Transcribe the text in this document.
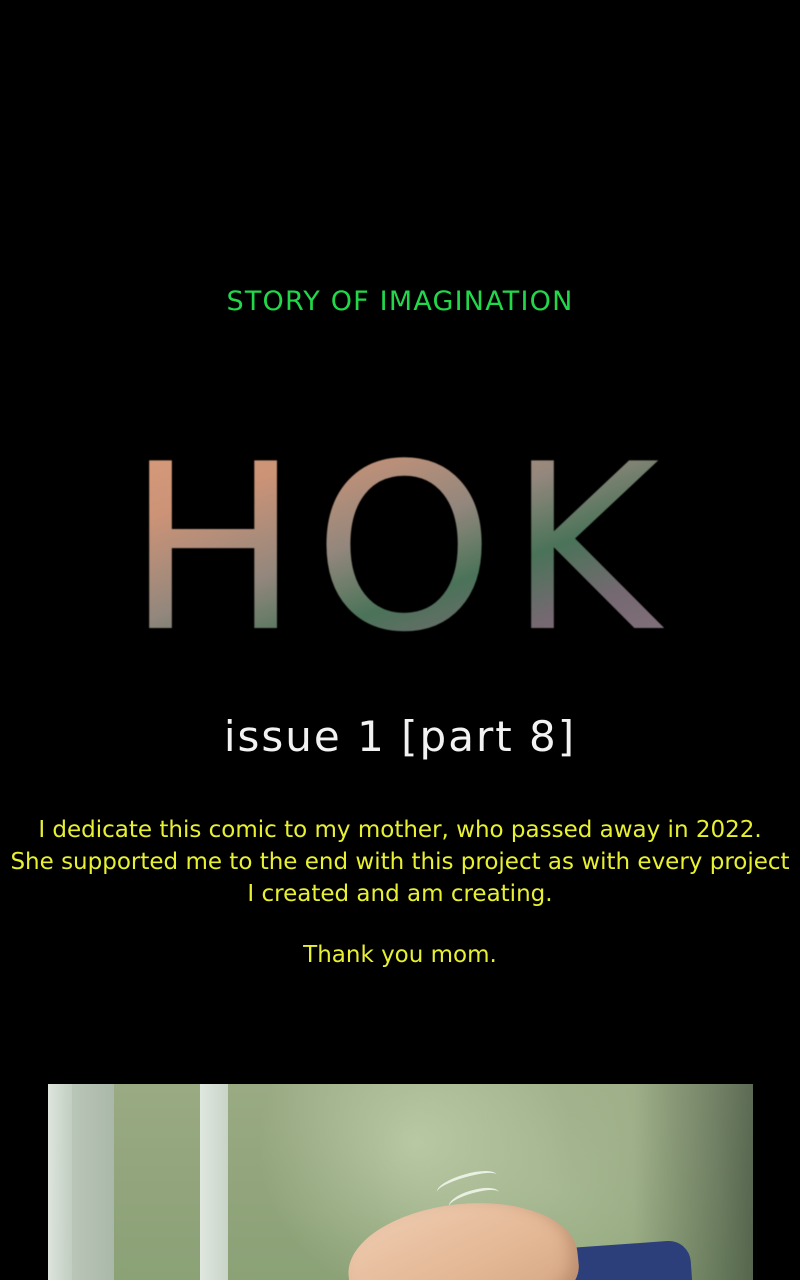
STORY OF IMAGINATION
HOK
issue 1 [part 8]
I dedicate this comic to my mother, who passed away in 2022.
She supported me to the end with this project as with every project
I created and am creating.
Thank you mom.
